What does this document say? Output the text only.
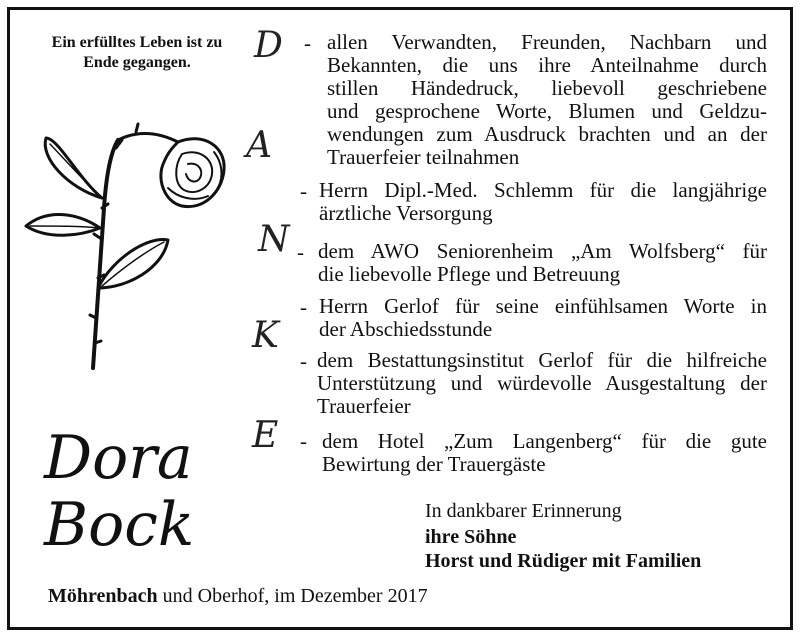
Ein erfülltes Leben ist zu
Ende gegangen.	D
A
N
K
E
- allen Verwandten, Freunden, Nachbarn und
Bekannten, die uns ihre Anteilnahme durch
stillen Händedruck, liebevoll geschriebene
und gesprochene Worte, Blumen und Geldzu-
wendungen zum Ausdruck brachten und an der
Trauerfeier teilnahmen
- Herrn Dipl.-Med. Schlemm für die langjährige
ärztliche Versorgung
- dem AWO Seniorenheim „Am Wolfsberg“ für
die liebevolle Pflege und Betreuung
- Herrn Gerlof für seine einfühlsamen Worte in
der Abschiedsstunde
- dem Bestattungsinstitut Gerlof für die hilfreiche
Unterstützung und würdevolle Ausgestaltung der
Trauerfeier
- dem Hotel „Zum Langenberg“ für die gute
Bewirtung der Trauergäste
Dora
Bock	In dankbarer Erinnerung
ihre Söhne
Horst und Rüdiger mit Familien
Möhrenbach und Oberhof, im Dezember 2017
